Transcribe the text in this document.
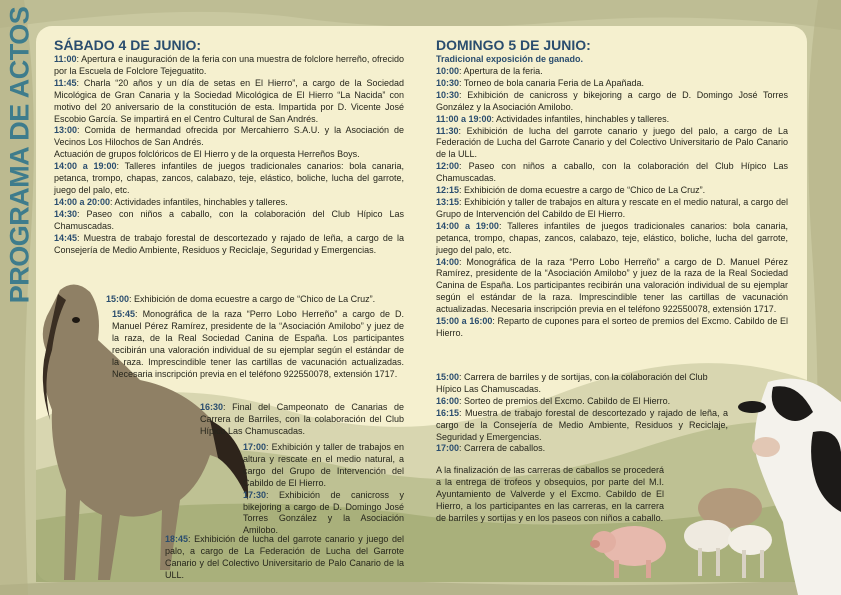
PROGRAMA DE ACTOS SÁBADO 4 DE JUNIO:

11:00: Apertura e inauguración de la feria con una muestra de folclore herreño, ofrecido por la Escuela de Folclore Tejeguatito.

11:45: Charla “20 años y un día de setas en El Hierro”, a cargo de la Sociedad Micológica de Gran Canaria y la Sociedad Micológica de El Hierro “La Nacida” con motivo del 20 aniversario de la constitución de esta. Impartida por D. Vicente José Escobio García. Se impartirá en el Centro Cultural de San Andrés.

13:00: Comida de hermandad ofrecida por Mercahierro S.A.U. y la Asociación de Vecinos Los Hilochos de San Andrés.

Actuación de grupos folclóricos de El Hierro y de la orquesta Herreños Boys.

14:00 a 19:00: Talleres infantiles de juegos tradicionales canarios: bola canaria, petanca, trompo, chapas, zancos, calabazo, teje, elástico, boliche, lucha del garrote, juego del palo, etc.

14:00 a 20:00: Actividades infantiles, hinchables y talleres.

14:30: Paseo con niños a caballo, con la colaboración del Club Hípico Las Chamuscadas.

14:45: Muestra de trabajo forestal de descortezado y rajado de leña, a cargo de la Consejería de Medio Ambiente, Residuos y Reciclaje, Seguridad y Emergencias.

15:00: Exhibición de doma ecuestre a cargo de “Chico de La Cruz”.

15:45: Monográfica de la raza “Perro Lobo Herreño” a cargo de D. Manuel Pérez Ramírez, presidente de la “Asociación Amilobo” y juez de la raza, de la Real Sociedad Canina de España. Los participantes recibirán una valoración individual de su ejemplar según el estándar de la raza. Imprescindible tener las cartillas de vacunación actualizadas. Necesaria inscripción previa en el teléfono 922550078, extensión 1717.

16:30: Final del Campeonato de Canarias de Carrera de Barriles, con la colaboración del Club Hípico Las Chamuscadas.

17:00: Exhibición y taller de trabajos en altura y rescate en el medio natural, a cargo del Grupo de Intervención del Cabildo de El Hierro.

17:30: Exhibición de canicross y bikejoring a cargo de D. Domingo José Torres González y la Asociación Amilobo.

18:45: Exhibición de lucha del garrote canario y juego del palo, a cargo de La Federación de Lucha del Garrote Canario y del Colectivo Universitario de Palo Canario de la ULL.

DOMINGO 5 DE JUNIO:

Tradicional exposición de ganado.

10:00: Apertura de la feria.

10:30: Torneo de bola canaria Feria de La Apañada.

10:30: Exhibición de canicross y bikejoring a cargo de D. Domingo José Torres González y la Asociación Amilobo.

11:00 a 19:00: Actividades infantiles, hinchables y talleres.

11:30: Exhibición de lucha del garrote canario y juego del palo, a cargo de La Federación de Lucha del Garrote Canario y del Colectivo Universitario de Palo Canario de la ULL.

12:00: Paseo con niños a caballo, con la colaboración del Club Hípico Las Chamuscadas.

12:15: Exhibición de doma ecuestre a cargo de “Chico de La Cruz”.

13:15: Exhibición y taller de trabajos en altura y rescate en el medio natural, a cargo del Grupo de Intervención del Cabildo de El Hierro.

14:00 a 19:00: Talleres infantiles de juegos tradicionales canarios: bola canaria, petanca, trompo, chapas, zancos, calabazo, teje, elástico, boliche, lucha del garrote, juego del palo, etc.

14:00: Monográfica de la raza “Perro Lobo Herreño” a cargo de D. Manuel Pérez Ramírez, presidente de la “Asociación Amilobo” y juez de la raza de la Real Sociedad Canina de España. Los participantes recibirán una valoración individual de su ejemplar según el estándar de la raza. Imprescindible tener las cartillas de vacunación actualizadas. Necesaria inscripción previa en el teléfono 922550078, extensión 1717.

15:00 a 16:00: Reparto de cupones para el sorteo de premios del Excmo. Cabildo de El Hierro.

15:00: Carrera de barriles y de sortijas, con la colaboración del Club Hípico Las Chamuscadas.

16:00: Sorteo de premios del Excmo. Cabildo de El Hierro.

16:15: Muestra de trabajo forestal de descortezado y rajado de leña, a cargo de la Consejería de Medio Ambiente, Residuos y Reciclaje, Seguridad y Emergencias.

17:00: Carrera de caballos.

A la finalización de las carreras de caballos se procederá a la entrega de trofeos y obsequios, por parte del M.I. Ayuntamiento de Valverde y el Excmo. Cabildo de El Hierro, a los participantes en las carreras, en la carrera de barriles y sortijas y en los paseos con niños a caballo.
